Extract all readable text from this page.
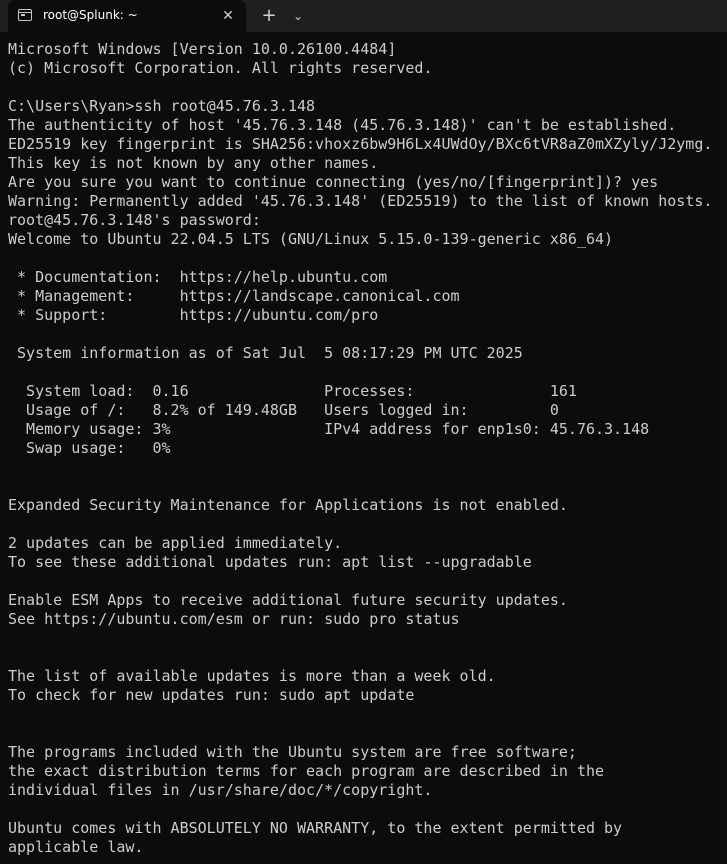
root@Splunk: ~	✕	+	⌄
Microsoft Windows [Version 10.0.26100.4484]
(c) Microsoft Corporation. All rights reserved.
C:\Users\Ryan>ssh root@45.76.3.148
The authenticity of host '45.76.3.148 (45.76.3.148)' can't be established.
ED25519 key fingerprint is SHA256:vhoxz6bw9H6Lx4UWdOy/BXc6tVR8aZ0mXZyly/J2ymg.
This key is not known by any other names.
Are you sure you want to continue connecting (yes/no/[fingerprint])? yes
Warning: Permanently added '45.76.3.148' (ED25519) to the list of known hosts.
root@45.76.3.148's password:
Welcome to Ubuntu 22.04.5 LTS (GNU/Linux 5.15.0-139-generic x86_64)
* Documentation:  https://help.ubuntu.com
* Management:     https://landscape.canonical.com
* Support:        https://ubuntu.com/pro
System information as of Sat Jul  5 08:17:29 PM UTC 2025
System load:  0.16               Processes:               161
Usage of /:   8.2% of 149.48GB   Users logged in:         0
Memory usage: 3%                 IPv4 address for enp1s0: 45.76.3.148
Swap usage:   0%
Expanded Security Maintenance for Applications is not enabled.
2 updates can be applied immediately.
To see these additional updates run: apt list --upgradable
Enable ESM Apps to receive additional future security updates.
See https://ubuntu.com/esm or run: sudo pro status
The list of available updates is more than a week old.
To check for new updates run: sudo apt update
The programs included with the Ubuntu system are free software;
the exact distribution terms for each program are described in the
individual files in /usr/share/doc/*/copyright.
Ubuntu comes with ABSOLUTELY NO WARRANTY, to the extent permitted by
applicable law.
